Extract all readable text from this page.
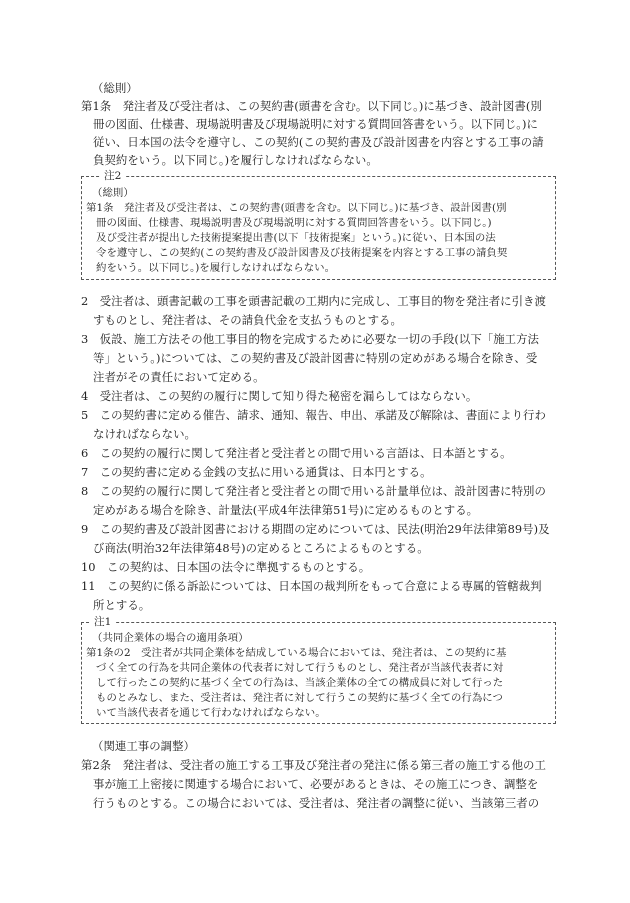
（総則）
第1条　発注者及び受注者は、この契約書(頭書を含む。以下同じ。)に基づき、設計図書(別
冊の図面、仕様書、現場説明書及び現場説明に対する質問回答書をいう。以下同じ。)に
従い、日本国の法令を遵守し、この契約(この契約書及び設計図書を内容とする工事の請
負契約をいう。以下同じ。)を履行しなければならない。
注2
（総則）
第1条　発注者及び受注者は、この契約書(頭書を含む。以下同じ。)に基づき、設計図書(別
冊の図面、仕様書、現場説明書及び現場説明に対する質問回答書をいう。以下同じ。)
及び受注者が提出した技術提案提出書(以下「技術提案」という。)に従い、日本国の法
令を遵守し、この契約(この契約書及び設計図書及び技術提案を内容とする工事の請負契
約をいう。以下同じ。)を履行しなければならない。
2　受注者は、頭書記載の工事を頭書記載の工期内に完成し、工事目的物を発注者に引き渡
すものとし、発注者は、その請負代金を支払うものとする。
3　仮設、施工方法その他工事目的物を完成するために必要な一切の手段(以下「施工方法
等」という。)については、この契約書及び設計図書に特別の定めがある場合を除き、受
注者がその責任において定める。
4　受注者は、この契約の履行に関して知り得た秘密を漏らしてはならない。
5　この契約書に定める催告、請求、通知、報告、申出、承諾及び解除は、書面により行わ
なければならない。
6　この契約の履行に関して発注者と受注者との間で用いる言語は、日本語とする。
7　この契約書に定める金銭の支払に用いる通貨は、日本円とする。
8　この契約の履行に関して発注者と受注者との間で用いる計量単位は、設計図書に特別の
定めがある場合を除き、計量法(平成4年法律第51号)に定めるものとする。
9　この契約書及び設計図書における期間の定めについては、民法(明治29年法律第89号)及
び商法(明治32年法律第48号)の定めるところによるものとする。
10　この契約は、日本国の法令に準拠するものとする。
11　この契約に係る訴訟については、日本国の裁判所をもって合意による専属的管轄裁判
所とする。
注1
（共同企業体の場合の適用条項）
第1条の2　受注者が共同企業体を結成している場合においては、発注者は、この契約に基
づく全ての行為を共同企業体の代表者に対して行うものとし、発注者が当該代表者に対
して行ったこの契約に基づく全ての行為は、当該企業体の全ての構成員に対して行った
ものとみなし、また、受注者は、発注者に対して行うこの契約に基づく全ての行為につ
いて当該代表者を通じて行わなければならない。
（関連工事の調整）
第2条　発注者は、受注者の施工する工事及び発注者の発注に係る第三者の施工する他の工
事が施工上密接に関連する場合において、必要があるときは、その施工につき、調整を
行うものとする。この場合においては、受注者は、発注者の調整に従い、当該第三者の
